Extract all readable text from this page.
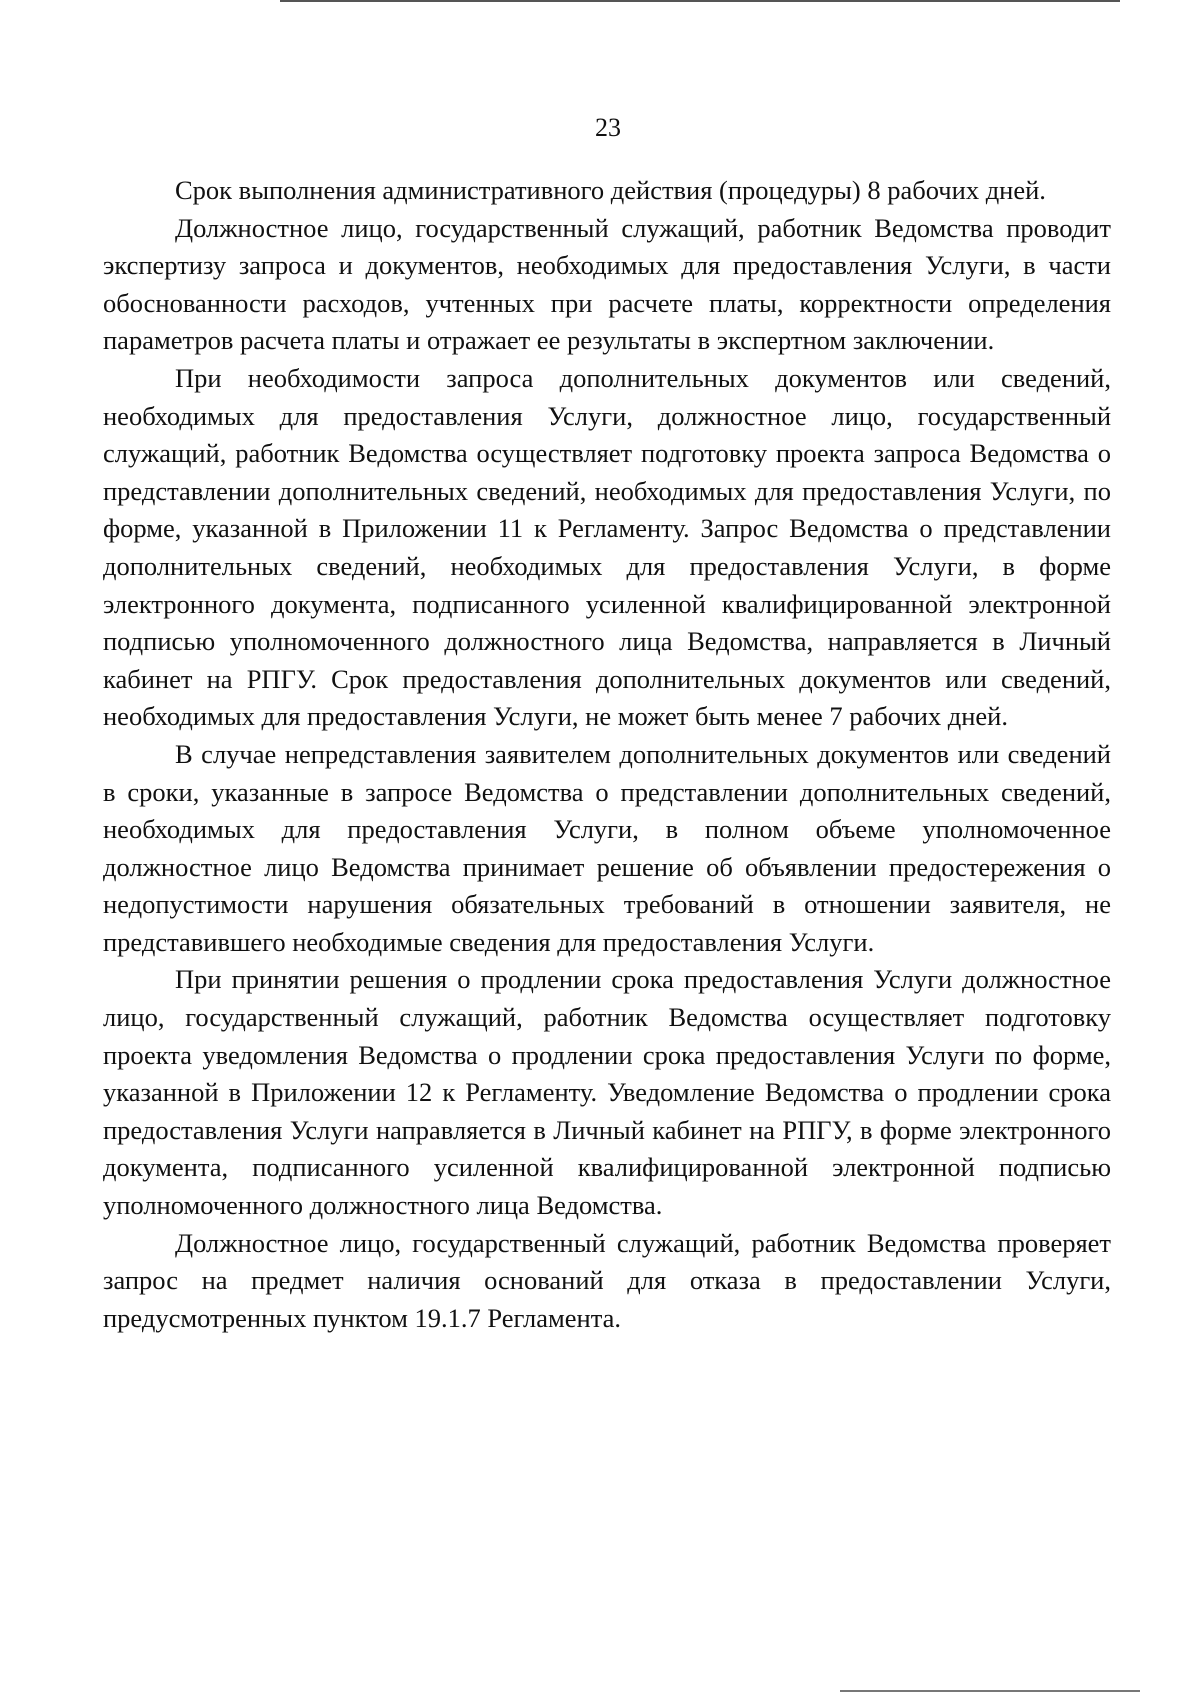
23

Срок выполнения административного действия (процедуры) 8 рабочих дней.

Должностное лицо, государственный служащий, работник Ведомства проводит экспертизу запроса и документов, необходимых для предоставления Услуги, в части обоснованности расходов, учтенных при расчете платы, корректности определения параметров расчета платы и отражает ее результаты в экспертном заключении.

При необходимости запроса дополнительных документов или сведений, необходимых для предоставления Услуги, должностное лицо, государственный служащий, работник Ведомства осуществляет подготовку проекта запроса Ведомства о представлении дополнительных сведений, необходимых для предоставления Услуги, по форме, указанной в Приложении 11 к Регламенту. Запрос Ведомства о представлении дополнительных сведений, необходимых для предоставления Услуги, в форме электронного документа, подписанного усиленной квалифицированной электронной подписью уполномоченного должностного лица Ведомства, направляется в Личный кабинет на РПГУ. Срок предоставления дополнительных документов или сведений, необходимых для предоставления Услуги, не может быть менее 7 рабочих дней.

В случае непредставления заявителем дополнительных документов или сведений в сроки, указанные в запросе Ведомства о представлении дополнительных сведений, необходимых для предоставления Услуги, в полном объеме уполномоченное должностное лицо Ведомства принимает решение об объявлении предостережения о недопустимости нарушения обязательных требований в отношении заявителя, не представившего необходимые сведения для предоставления Услуги.

При принятии решения о продлении срока предоставления Услуги должностное лицо, государственный служащий, работник Ведомства осуществляет подготовку проекта уведомления Ведомства о продлении срока предоставления Услуги по форме, указанной в Приложении 12 к Регламенту. Уведомление Ведомства о продлении срока предоставления Услуги направляется в Личный кабинет на РПГУ, в форме электронного документа, подписанного усиленной квалифицированной электронной подписью уполномоченного должностного лица Ведомства.

Должностное лицо, государственный служащий, работник Ведомства проверяет запрос на предмет наличия оснований для отказа в предоставлении Услуги, предусмотренных пунктом 19.1.7 Регламента.
